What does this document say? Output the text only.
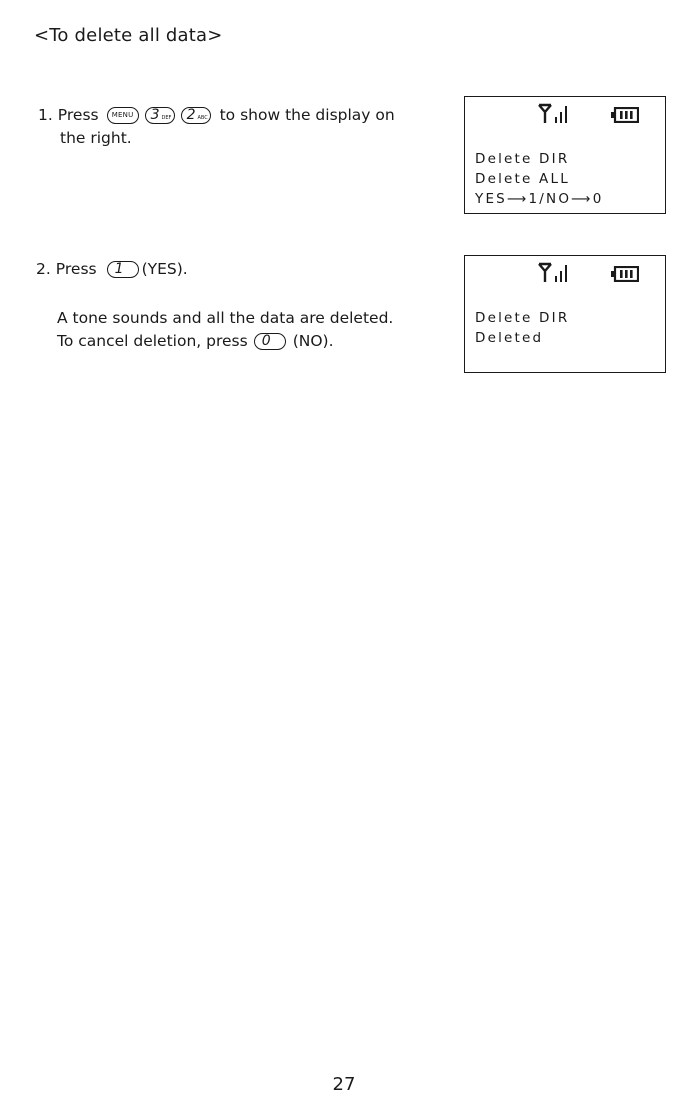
<To delete all data>
1. Press MENU 3 DEF 2 ABC to show the display on
the right.
Delete DIR
Delete ALL
YES⟶1/NO⟶0
2. Press 1 (YES).
A tone sounds and all the data are deleted.
To cancel deletion, press 0 (NO).
Delete DIR
Deleted
27
